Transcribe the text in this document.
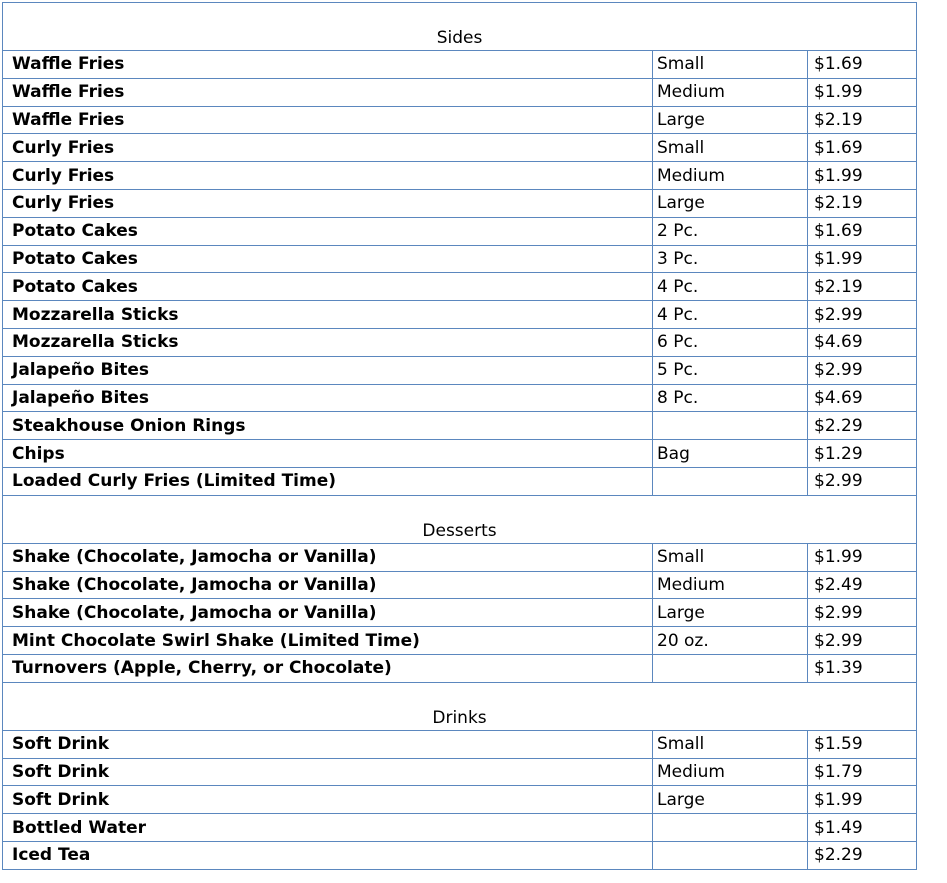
Sides		
Waffle Fries	Small	$1.69
Waffle Fries	Medium	$1.99
Waffle Fries	Large	$2.19
Curly Fries	Small	$1.69
Curly Fries	Medium	$1.99
Curly Fries	Large	$2.19
Potato Cakes	2 Pc.	$1.69
Potato Cakes	3 Pc.	$1.99
Potato Cakes	4 Pc.	$2.19
Mozzarella Sticks	4 Pc.	$2.99
Mozzarella Sticks	6 Pc.	$4.69
Jalapeño Bites	5 Pc.	$2.99
Jalapeño Bites	8 Pc.	$4.69
Steakhouse Onion Rings		$2.29
Chips	Bag	$1.29
Loaded Curly Fries (Limited Time)		$2.99
Desserts		
Shake (Chocolate, Jamocha or Vanilla)	Small	$1.99
Shake (Chocolate, Jamocha or Vanilla)	Medium	$2.49
Shake (Chocolate, Jamocha or Vanilla)	Large	$2.99
Mint Chocolate Swirl Shake (Limited Time)	20 oz.	$2.99
Turnovers (Apple, Cherry, or Chocolate)		$1.39
Drinks		
Soft Drink	Small	$1.59
Soft Drink	Medium	$1.79
Soft Drink	Large	$1.99
Bottled Water		$1.49
Iced Tea		$2.29
